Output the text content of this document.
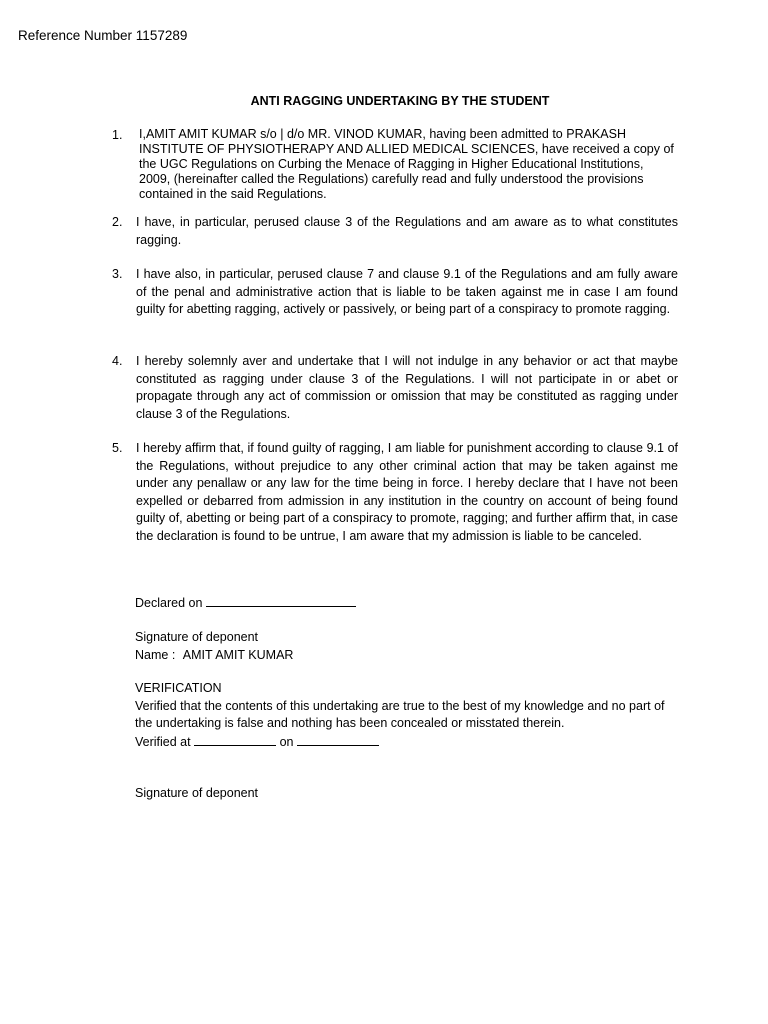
Reference Number 1157289
ANTI RAGGING UNDERTAKING BY THE STUDENT
1. I,AMIT AMIT KUMAR s/o | d/o MR. VINOD KUMAR, having been admitted to PRAKASH INSTITUTE OF PHYSIOTHERAPY AND ALLIED MEDICAL SCIENCES, have received a copy of the UGC Regulations on Curbing the Menace of Ragging in Higher Educational Institutions, 2009, (hereinafter called the Regulations) carefully read and fully understood the provisions contained in the said Regulations.
2. I have, in particular, perused clause 3 of the Regulations and am aware as to what constitutes ragging.
3. I have also, in particular, perused clause 7 and clause 9.1 of the Regulations and am fully aware of the penal and administrative action that is liable to be taken against me in case I am found guilty for abetting ragging, actively or passively, or being part of a conspiracy to promote ragging.
4. I hereby solemnly aver and undertake that I will not indulge in any behavior or act that maybe constituted as ragging under clause 3 of the Regulations. I will not participate in or abet or propagate through any act of commission or omission that may be constituted as ragging under clause 3 of the Regulations.
5. I hereby affirm that, if found guilty of ragging, I am liable for punishment according to clause 9.1 of the Regulations, without prejudice to any other criminal action that may be taken against me under any penallaw or any law for the time being in force. I hereby declare that I have not been expelled or debarred from admission in any institution in the country on account of being found guilty of, abetting or being part of a conspiracy to promote, ragging; and further affirm that, in case the declaration is found to be untrue, I am aware that my admission is liable to be canceled.
Declared on
Signature of deponent
Name : AMIT AMIT KUMAR
VERIFICATION
Verified that the contents of this undertaking are true to the best of my knowledge and no part of the undertaking is false and nothing has been concealed or misstated therein.
Verified at	on
Signature of deponent
